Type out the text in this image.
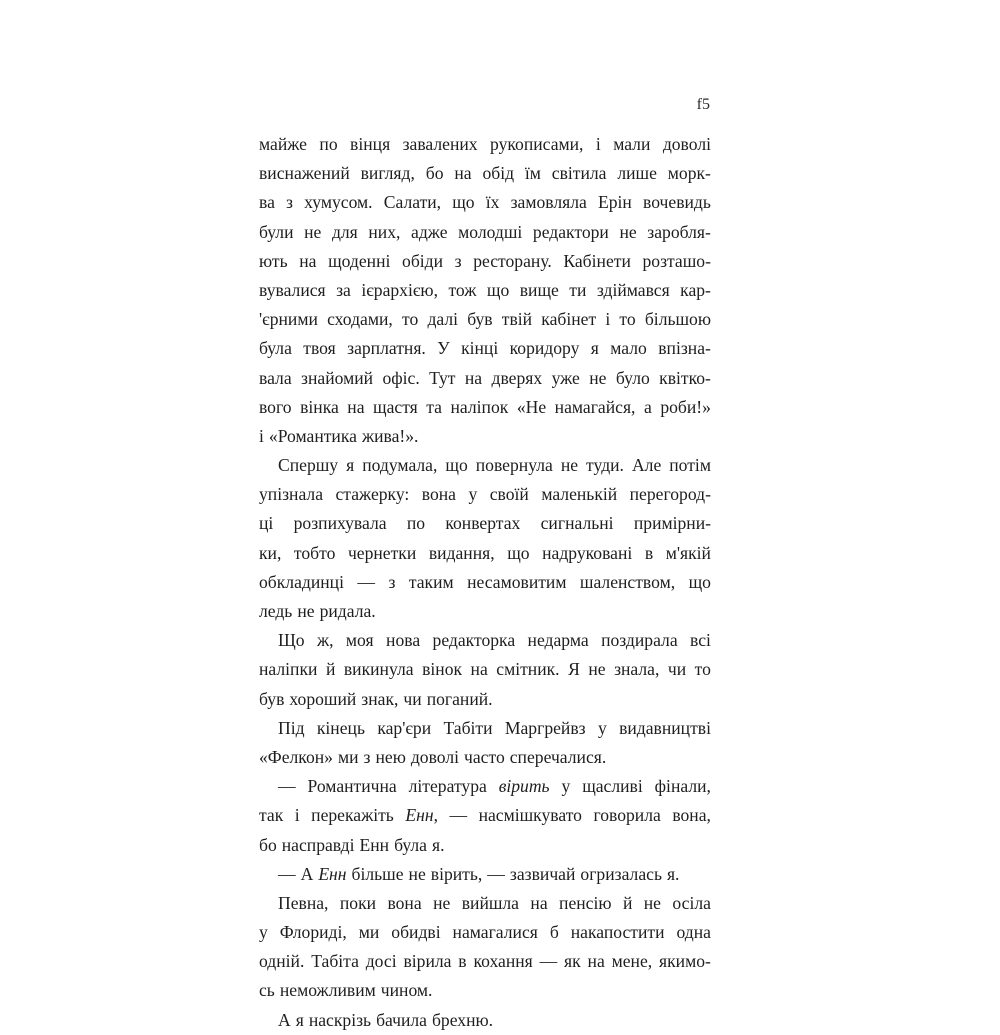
f5
майже по вінця завалених рукописами, і мали доволі
виснажений вигляд, бо на обід їм світила лише морк-
ва з хумусом. Салати, що їх замовляла Ерін вочевидь
були не для них, адже молодші редактори не заробля-
ють на щоденні обіди з ресторану. Кабінети розташо-
вувалися за ієрархією, тож що вище ти здіймався кар-
'єрними сходами, то далі був твій кабінет і то більшою
була твоя зарплатня. У кінці коридору я мало впізна-
вала знайомий офіс. Тут на дверях уже не було квітко-
вого вінка на щастя та наліпок «Не намагайся, а роби!»
і «Романтика жива!».
Спершу я подумала, що повернула не туди. Але потім
упізнала стажерку: вона у своїй маленькій перегород-
ці розпихувала по конвертах сигнальні примірни-
ки, тобто чернетки видання, що надруковані в м'якій
обкладинці — з таким несамовитим шаленством, що
ледь не ридала.
Що ж, моя нова редакторка недарма поздирала всі
наліпки й викинула вінок на смітник. Я не знала, чи то
був хороший знак, чи поганий.
Під кінець кар'єри Табіти Маргрейвз у видавництві
«Фелкон» ми з нею доволі часто сперечалися.
— Романтична література вірить у щасливі фінали,
так і перекажіть Енн, — насмішкувато говорила вона,
бо насправді Енн була я.
— А Енн більше не вірить, — зазвичай огризалась я.
Певна, поки вона не вийшла на пенсію й не осіла
у Флориді, ми обидві намагалися б накапостити одна
одній. Табіта досі вірила в кохання — як на мене, якимо-
сь неможливим чином.
А я наскрізь бачила брехню.
